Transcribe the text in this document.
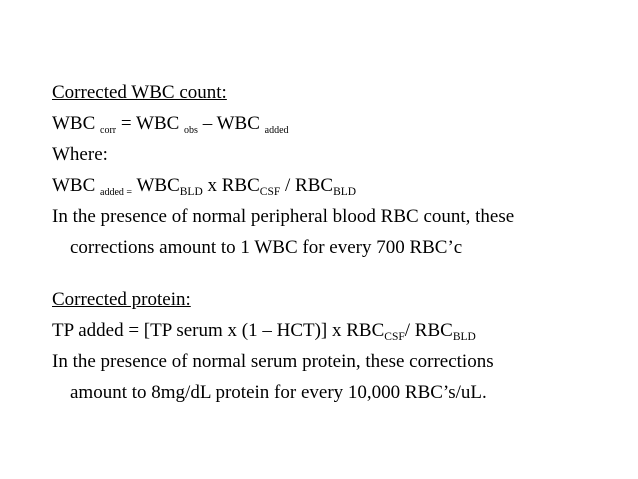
Corrected WBC count:
WBC $_{corr}$ = WBC $_{obs}$ – WBC $_{added}$
Where:
WBC $_{added =}$ $WBC_{BLD}$ x $RBC_{CSF} / RBC_{BLD}$
In the presence of normal peripheral blood RBC count, these
corrections amount to 1 WBC for every 700 RBC’c
Corrected protein:
TP added = [TP serum x (1 – HCT)] x $RBC_{CSF}/$ $RBC_{BLD}$
In the presence of normal serum protein, these corrections
amount to 8mg/dL protein for every 10,000 RBC’s/uL.
